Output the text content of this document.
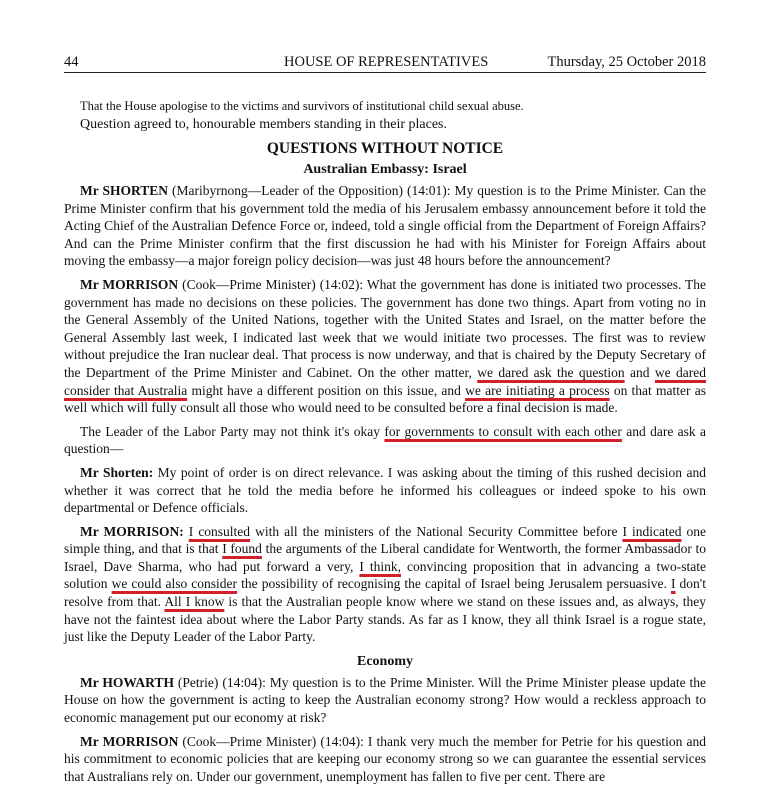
44	HOUSE OF REPRESENTATIVES	Thursday, 25 October 2018

That the House apologise to the victims and survivors of institutional child sexual abuse.

Question agreed to, honourable members standing in their places.

QUESTIONS WITHOUT NOTICE
Australian Embassy: Israel

Mr SHORTEN (Maribyrnong—Leader of the Opposition) (14:01): My question is to the Prime Minister. Can the Prime Minister confirm that his government told the media of his Jerusalem embassy announcement before it told the Acting Chief of the Australian Defence Force or, indeed, told a single official from the Department of Foreign Affairs? And can the Prime Minister confirm that the first discussion he had with his Minister for Foreign Affairs about moving the embassy—a major foreign policy decision—was just 48 hours before the announcement?

Mr MORRISON (Cook—Prime Minister) (14:02): What the government has done is initiated two processes. The government has made no decisions on these policies. The government has done two things. Apart from voting no in the General Assembly of the United Nations, together with the United States and Israel, on the matter before the General Assembly last week, I indicated last week that we would initiate two processes. The first was to review without prejudice the Iran nuclear deal. That process is now underway, and that is chaired by the Deputy Secretary of the Department of the Prime Minister and Cabinet. On the other matter, we dared ask the question and we dared consider that Australia might have a different position on this issue, and we are initiating a process on that matter as well which will fully consult all those who would need to be consulted before a final decision is made.

The Leader of the Labor Party may not think it's okay for governments to consult with each other and dare ask a question—

Mr Shorten: My point of order is on direct relevance. I was asking about the timing of this rushed decision and whether it was correct that he told the media before he informed his colleagues or indeed spoke to his own departmental or Defence officials.

Mr MORRISON: I consulted with all the ministers of the National Security Committee before I indicated one simple thing, and that is that I found the arguments of the Liberal candidate for Wentworth, the former Ambassador to Israel, Dave Sharma, who had put forward a very, I think, convincing proposition that in advancing a two-state solution we could also consider the possibility of recognising the capital of Israel being Jerusalem persuasive. I don't resolve from that. All I know is that the Australian people know where we stand on these issues and, as always, they have not the faintest idea about where the Labor Party stands. As far as I know, they all think Israel is a rogue state, just like the Deputy Leader of the Labor Party.

Economy

Mr HOWARTH (Petrie) (14:04): My question is to the Prime Minister. Will the Prime Minister please update the House on how the government is acting to keep the Australian economy strong? How would a reckless approach to economic management put our economy at risk?

Mr MORRISON (Cook—Prime Minister) (14:04): I thank very much the member for Petrie for his question and his commitment to economic policies that are keeping our economy strong so we can guarantee the essential services that Australians rely on. Under our government, unemployment has fallen to five per cent. There are
